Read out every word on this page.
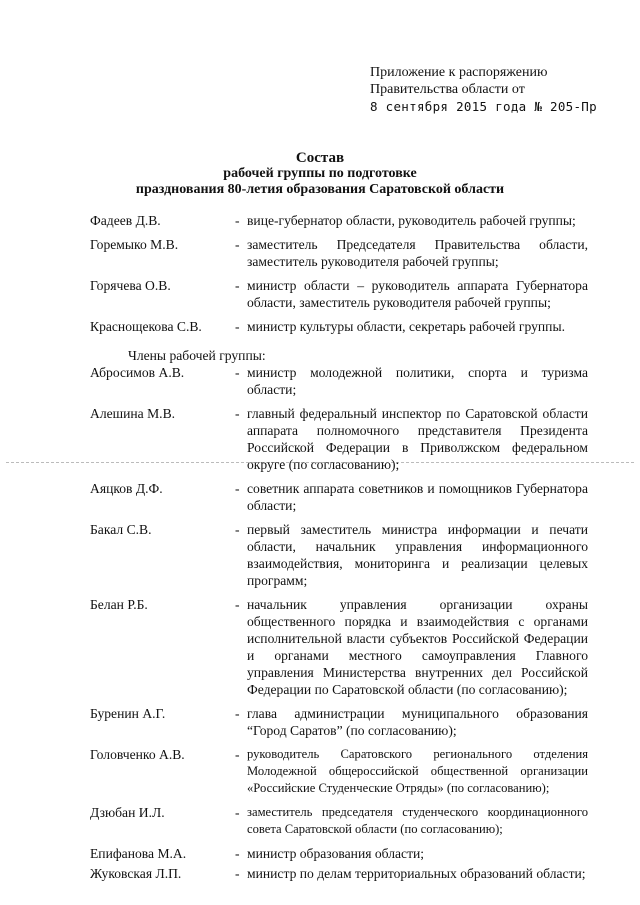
Приложение к распоряжению
Правительства области от
8 сентября 2015 года № 205-Пр
Состав
рабочей группы по подготовке
празднования 80-летия образования Саратовской области
Фадеев Д.В.	- вице-губернатор области, руководитель рабочей группы;
Горемыко М.В.	- заместитель Председателя Правительства области, заместитель руководителя рабочей группы;
Горячева О.В.	- министр области – руководитель аппарата Губернатора области, заместитель руководителя рабочей группы;
Краснощекова С.В.	- министр культуры области, секретарь рабочей группы.
Члены рабочей группы:
Абросимов А.В.	- министр молодежной политики, спорта и туризма области;
Алешина М.В.	- главный федеральный инспектор по Саратовской области аппарата полномочного представителя Президента Российской Федерации в Приволжском федеральном округе (по согласованию);
Аяцков Д.Ф.	- советник аппарата советников и помощников Губернатора области;
Бакал С.В.	- первый заместитель министра информации и печати области, начальник управления информационного взаимодействия, мониторинга и реализации целевых программ;
Белан Р.Б.	- начальник управления организации охраны общественного порядка и взаимодействия с органами исполнительной власти субъектов Российской Федерации и органами местного самоуправления Главного управления Министерства внутренних дел Российской Федерации по Саратовской области (по согласованию);
Буренин А.Г.	- глава администрации муниципального образования “Город Саратов” (по согласованию);
Головченко А.В.	- руководитель Саратовского регионального отделения Молодежной общероссийской общественной организации «Российские Студенческие Отряды» (по согласованию);
Дзюбан И.Л.	- заместитель председателя студенческого координационного совета Саратовской области (по согласованию);
Епифанова М.А.	- министр образования области;
Жуковская Л.П.	- министр по делам территориальных образований области;
